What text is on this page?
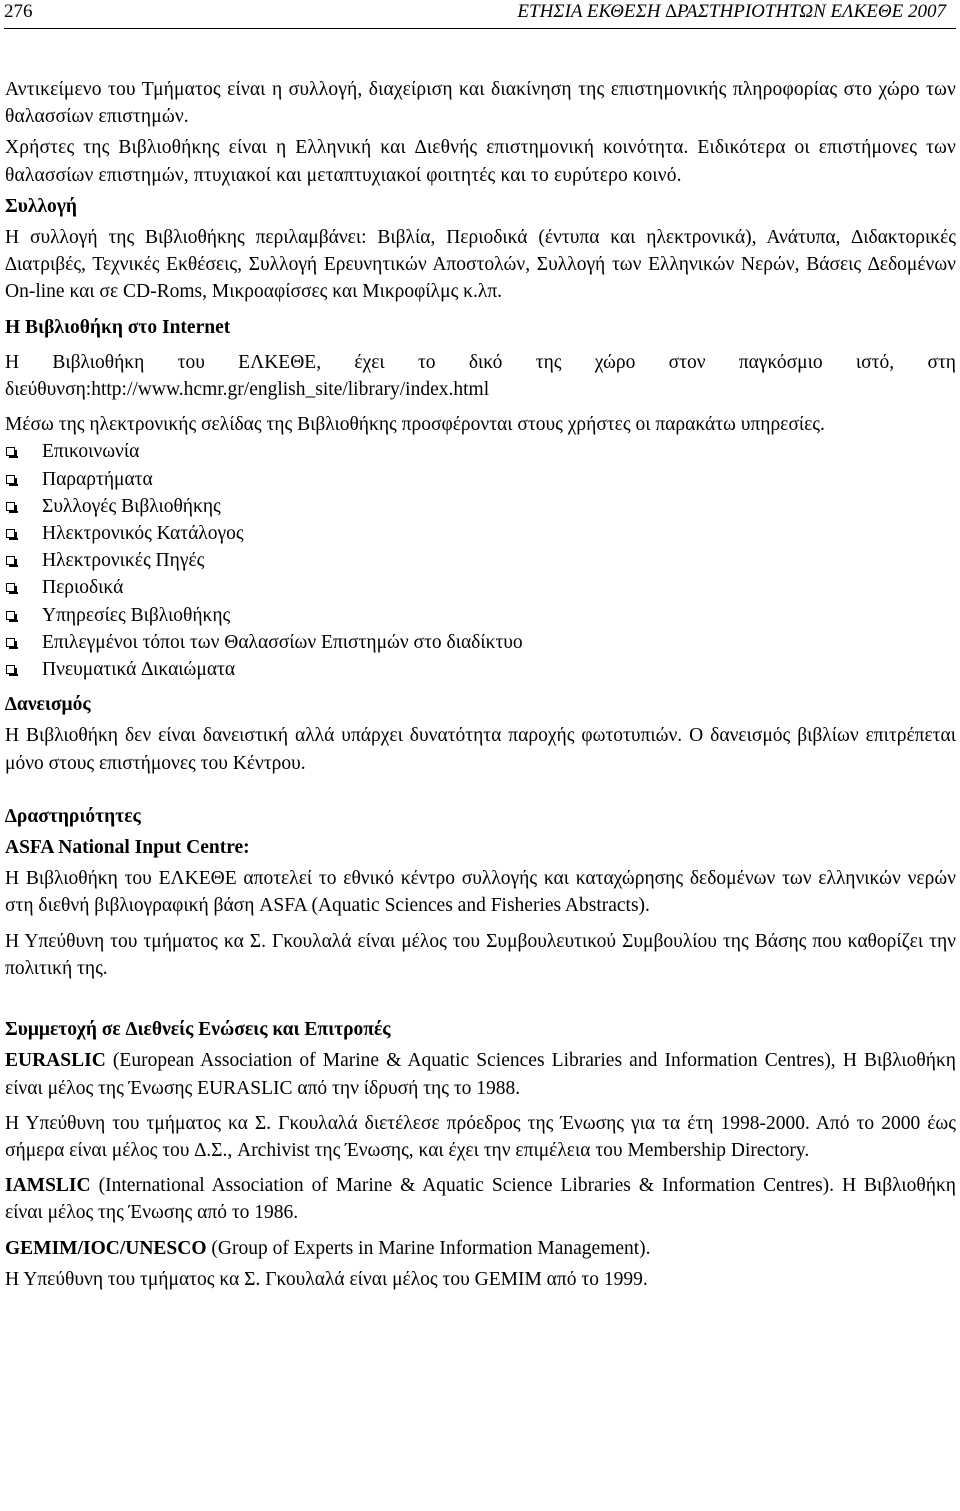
276	ΕΤΗΣΙΑ ΕΚΘΕΣΗ ∆ΡΑΣΤΗΡΙΟΤΗΤΩΝ ΕΛΚΕΘΕ 2007

Αντικείμενο του Τμήματος είναι η συλλογή, διαχείριση και διακίνηση της επιστημονικής πληροφορίας στο χώρο των θαλασσίων επιστημών.

Χρήστες της Βιβλιοθήκης είναι η Ελληνική και ∆ιεθνής επιστημονική κοινότητα. Ειδικότερα οι επιστήμονες των θαλασσίων επιστημών, πτυχιακοί και μεταπτυχιακοί φοιτητές και το ευρύτερο κοινό.

Συλλογή

Η συλλογή της Βιβλιοθήκης περιλαμβάνει: Βιβλία, Περιοδικά (έντυπα και ηλεκτρονικά), Ανάτυπα, ∆ιδακτορικές ∆ιατριβές, Τεχνικές Εκθέσεις, Συλλογή Ερευνητικών Αποστολών, Συλλογή των Ελληνικών Νερών, Βάσεις ∆εδομένων On-line και σε CD-Roms, Μικροαφίσσες και Μικροφίλμς κ.λπ.

Η Βιβλιοθήκη στο Internet

Η Βιβλιοθήκη του ΕΛΚΕΘΕ, έχει το δικό της χώρο στον παγκόσμιο ιστό, στη διεύθυνση:http://www.hcmr.gr/english_site/library/index.html

Μέσω της ηλεκτρονικής σελίδας της Βιβλιοθήκης προσφέρονται στους χρήστες οι παρακάτω υπηρεσίες.

Επικοινωνία
Παραρτήματα
Συλλογές Βιβλιοθήκης
Ηλεκτρονικός Κατάλογος
Ηλεκτρονικές Πηγές
Περιοδικά
Υπηρεσίες Βιβλιοθήκης
Επιλεγμένοι τόποι των Θαλασσίων Επιστημών στο διαδίκτυο
Πνευματικά ∆ικαιώματα

∆ανεισμός

Η Βιβλιοθήκη δεν είναι δανειστική αλλά υπάρχει δυνατότητα παροχής φωτοτυπιών. Ο δανεισμός βιβλίων επιτρέπεται μόνο στους επιστήμονες του Κέντρου.

∆ραστηριότητες

ASFA National Input Centre:

Η Βιβλιοθήκη του ΕΛΚΕΘΕ αποτελεί το εθνικό κέντρο συλλογής και καταχώρησης δεδομένων των ελληνικών νερών στη διεθνή βιβλιογραφική βάση ASFA (Aquatic Sciences and Fisheries Abstracts).

Η Υπεύθυνη του τμήματος κα Σ. Γκουλαλά είναι μέλος του Συμβουλευτικού Συμβουλίου της Βάσης που καθορίζει την πολιτική της.

Συμμετοχή σε ∆ιεθνείς Ενώσεις και Επιτροπές

EURASLIC (European Association of Marine & Aquatic Sciences Libraries and Information Centres), Η Βιβλιοθήκη είναι μέλος της Ένωσης EURASLIC από την ίδρυσή της το 1988.

Η Υπεύθυνη του τμήματος κα Σ. Γκουλαλά διετέλεσε πρόεδρος της Ένωσης για τα έτη 1998-2000. Από το 2000 έως σήμερα είναι μέλος του ∆.Σ., Archivist της Ένωσης, και έχει την επιμέλεια του Membership Directory.

IAMSLIC (International Association of Marine & Aquatic Science Libraries & Information Centres). Η Βιβλιοθήκη είναι μέλος της Ένωσης από το 1986.

GEMIM/IOC/UNESCO (Group of Experts in Marine Information Management).

Η Υπεύθυνη του τμήματος κα Σ. Γκουλαλά είναι μέλος του GEMIM από το 1999.
